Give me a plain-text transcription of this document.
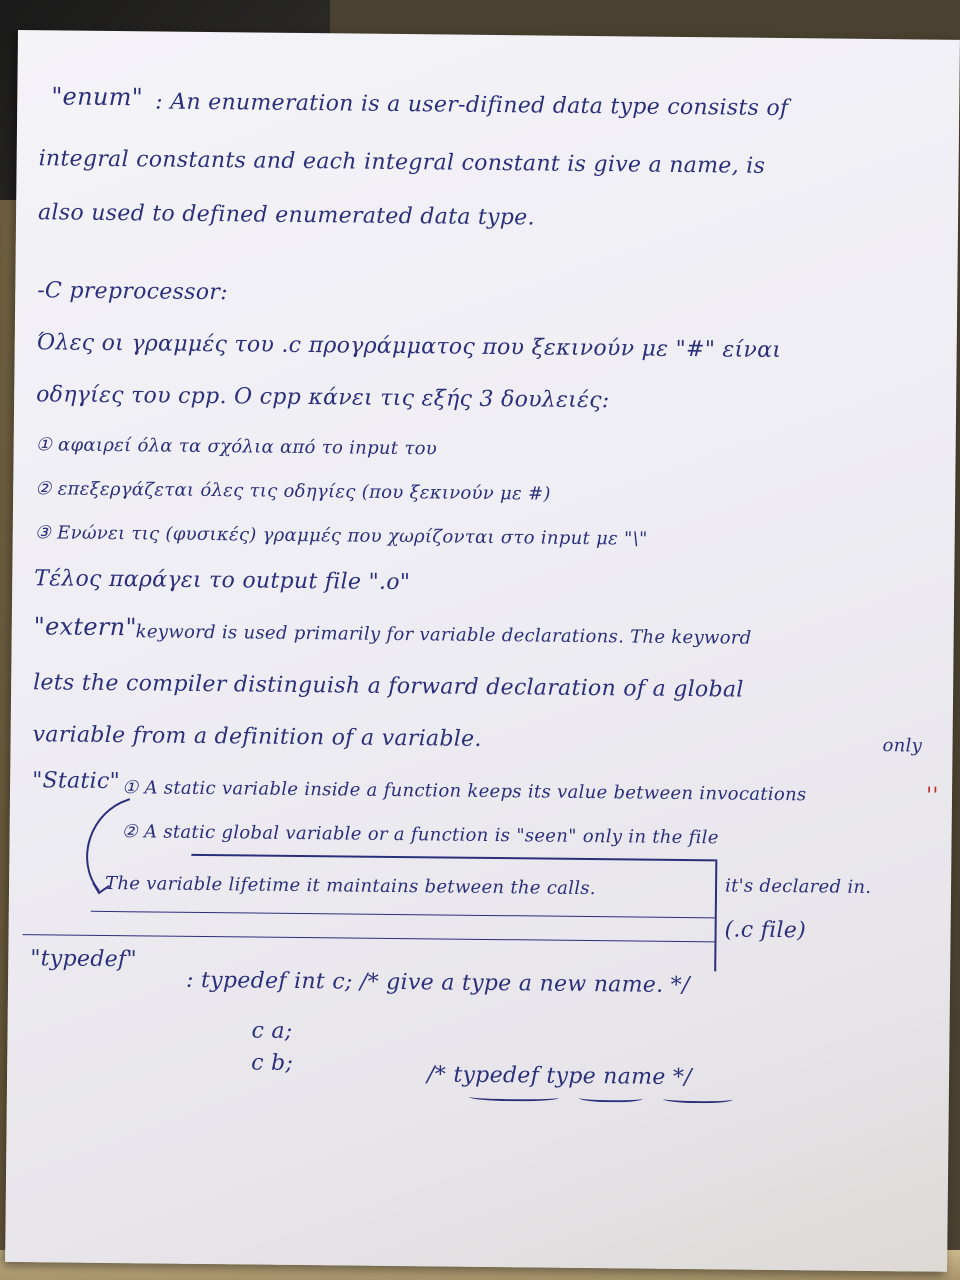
"enum" : An enumeration is a user-difined data type consists of
integral constants and each integral constant is give a name, is
also used to defined enumerated data type.
-C preprocessor:
Όλες οι γραμμές του .c προγράμματος που ξεκινούν με "#" είναι
οδηγίες του cpp. Ο cpp κάνει τις εξής 3 δουλειές:
① αφαιρεί όλα τα σχόλια από το input του
② επεξεργάζεται όλες τις οδηγίες (που ξεκινούν με #)
③ Ενώνει τις (φυσικές) γραμμές που χωρίζονται στο input με "\"
Τέλος παράγει το output file ".o"
"extern"
keyword is used primarily for variable declarations. The keyword
lets the compiler distinguish a forward declaration of a global
variable from a definition of a variable.	only
"Static" ① A static variable inside a function keeps its value between invocations	''
② A static global variable or a function is "seen" only in the file
The variable lifetime it maintains between the calls.	it's declared in.
(.c file)
"typedef"
: typedef int c; /* give a type a new name. */
c a;
c b;	/* typedef type name */
